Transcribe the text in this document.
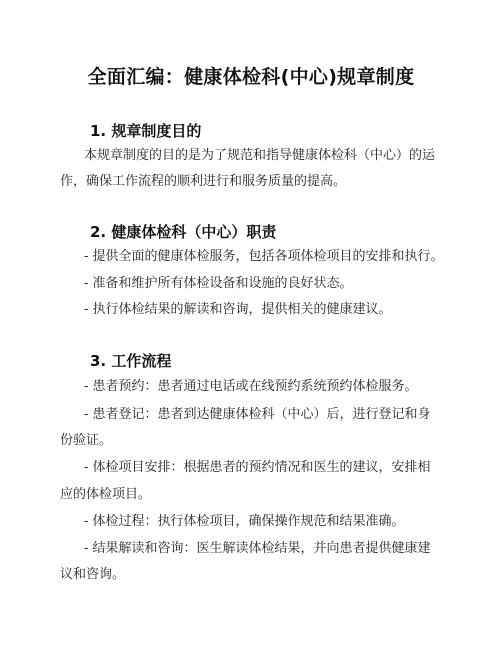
全面汇编：健康体检科(中心)规章制度
1. 规章制度目的
本规章制度的目的是为了规范和指导健康体检科（中心）的运
作，确保工作流程的顺利进行和服务质量的提高。
2. 健康体检科（中心）职责
- 提供全面的健康体检服务，包括各项体检项目的安排和执行。
- 准备和维护所有体检设备和设施的良好状态。
- 执行体检结果的解读和咨询，提供相关的健康建议。
3. 工作流程
- 患者预约：患者通过电话或在线预约系统预约体检服务。
- 患者登记：患者到达健康体检科（中心）后，进行登记和身
份验证。
- 体检项目安排：根据患者的预约情况和医生的建议，安排相
应的体检项目。
- 体检过程：执行体检项目，确保操作规范和结果准确。
- 结果解读和咨询：医生解读体检结果，并向患者提供健康建
议和咨询。
